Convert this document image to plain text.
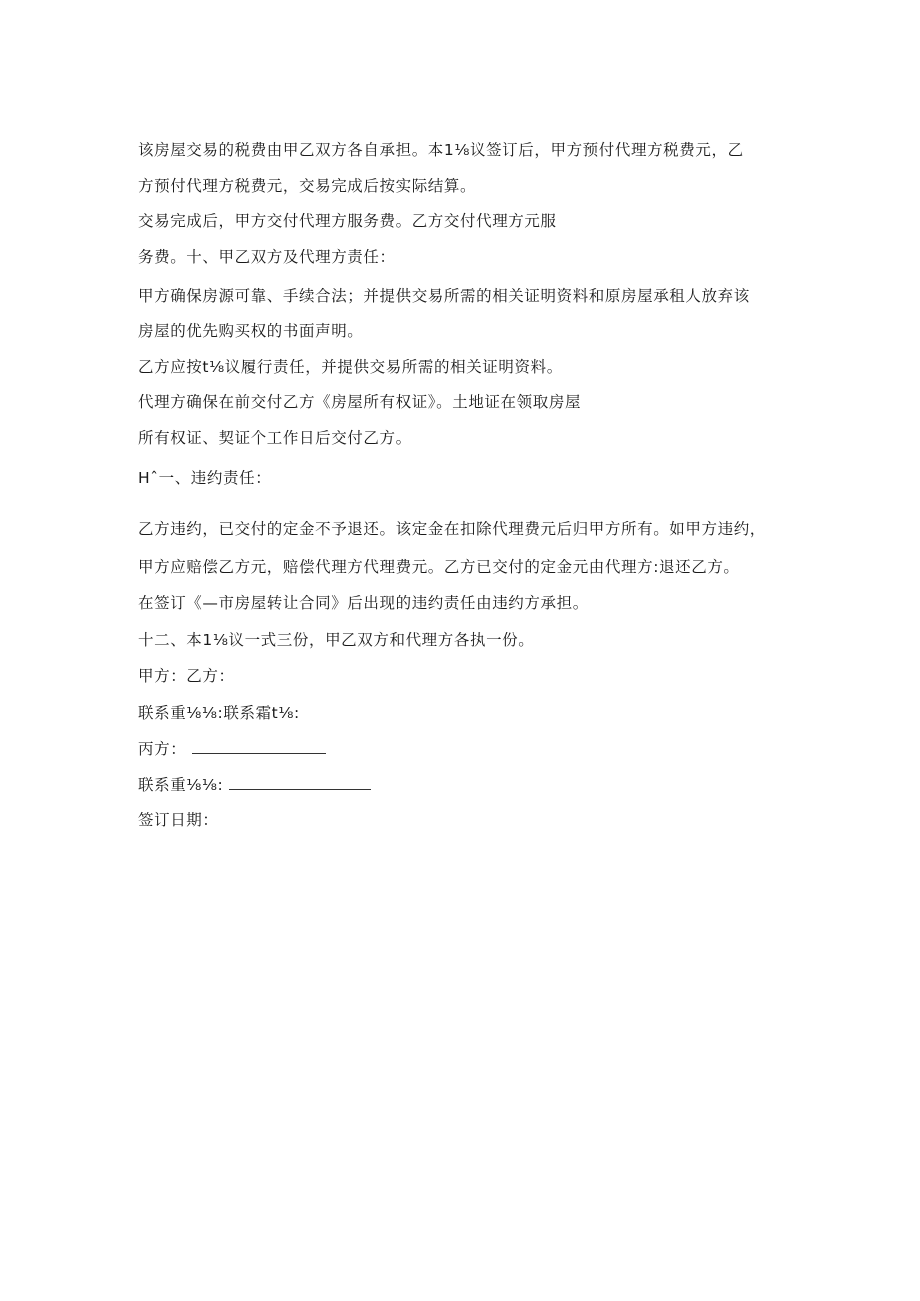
该房屋交易的税费由甲乙双方各自承担。本1⅛议签订后，甲方预付代理方税费元，乙
方预付代理方税费元，交易完成后按实际结算。
交易完成后，甲方交付代理方服务费。乙方交付代理方元服
务费。十、甲乙双方及代理方责任：
甲方确保房源可靠、手续合法；并提供交易所需的相关证明资料和原房屋承租人放弃该
房屋的优先购买权的书面声明。
乙方应按t⅛议履行责任，并提供交易所需的相关证明资料。
代理方确保在前交付乙方《房屋所有权证》。土地证在领取房屋
所有权证、契证个工作日后交付乙方。
Hˆ一、违约责任：
乙方违约，已交付的定金不予退还。该定金在扣除代理费元后归甲方所有。如甲方违约，
甲方应赔偿乙方元，赔偿代理方代理费元。乙方已交付的定金元由代理方:退还乙方。
在签订《—市房屋转让合同》后出现的违约责任由违约方承担。
十二、本1⅛议一式三份，甲乙双方和代理方各执一份。
甲方：乙方：
联系重⅛⅛:联系霜t⅛:
丙方：
联系重⅛⅛:
签订日期：
